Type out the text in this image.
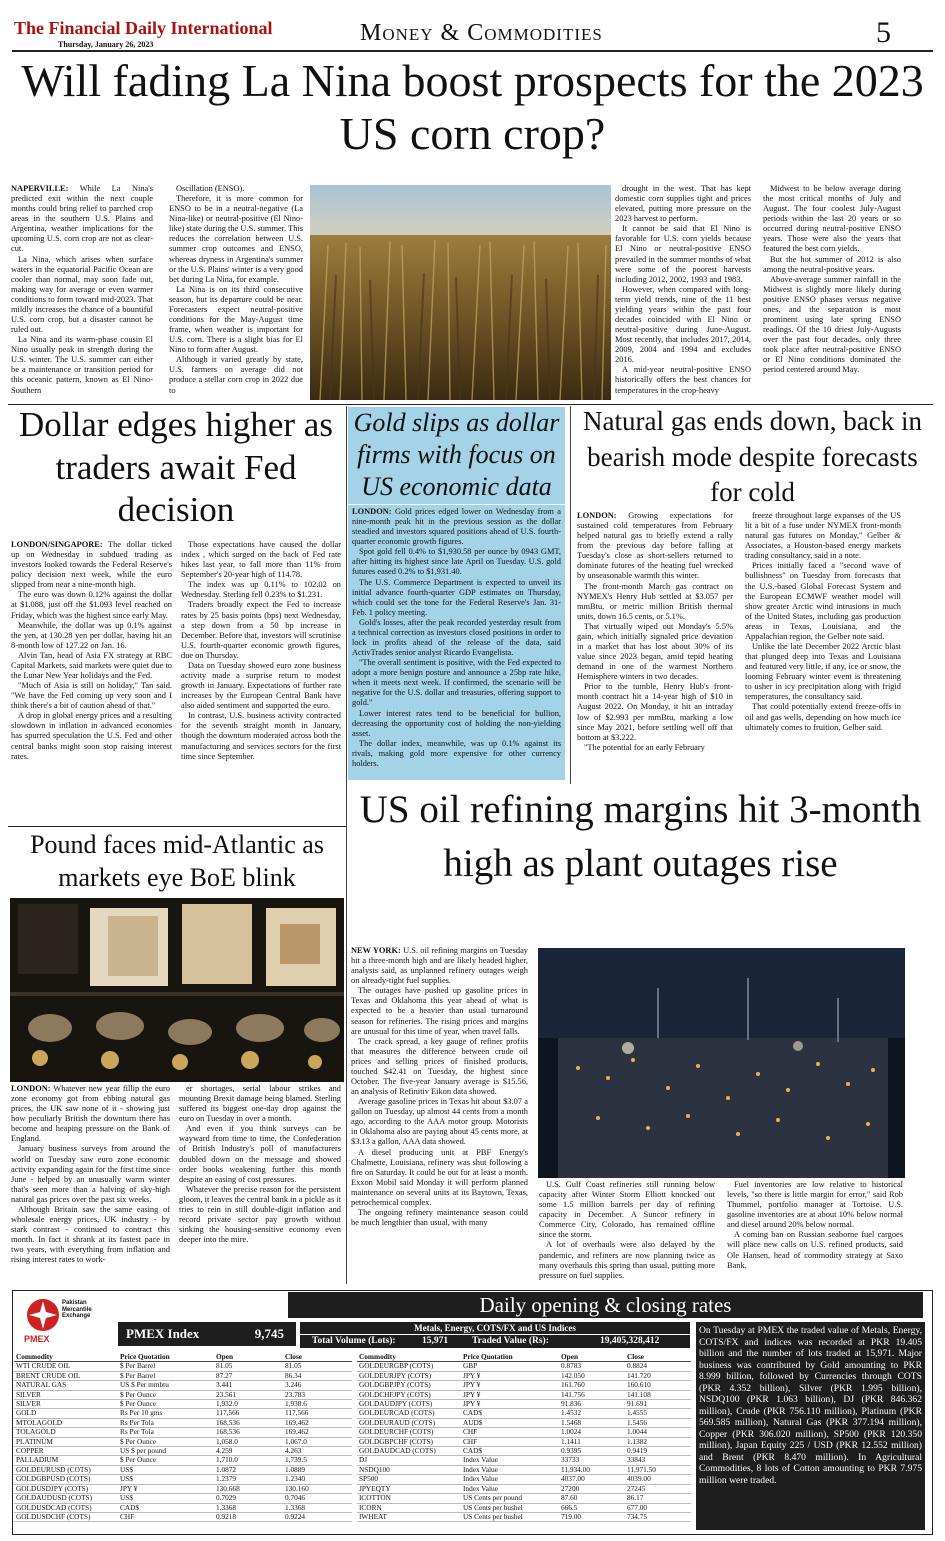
The Financial Daily International
Thursday, January 26, 2023	Money & Commodities	5
Will fading La Nina boost prospects for the 2023 US corn crop?

NAPERVILLE: While La Nina's predicted exit within the next couple months could bring relief to parched crop areas in the southern U.S. Plains and Argentina, weather implications for the upcoming U.S. corn crop are not as clear-cut.

La Nina, which arises when surface waters in the equatorial Pacific Ocean are cooler than normal, may soon fade out, making way for average or even warmer conditions to form toward mid-2023. That mildly increases the chance of a bountiful U.S. corn crop, but a disaster cannot be ruled out.

La Nina and its warm-phase cousin El Nino usually peak in strength during the U.S. winter. The U.S. summer can either be a maintenance or transition period for this oceanic pattern, known as El Nino-Southern

Oscillation (ENSO).

Therefore, it is more common for ENSO to be in a neutral-negative (La Nina-like) or neutral-positive (El Nino-like) state during the U.S. summer. This reduces the correlation between U.S. summer crop outcomes and ENSO, whereas dryness in Argentina's summer or the U.S. Plains' winter is a very good bet during La Nina, for example.

La Nina is on its third consecutive season, but its departure could be near. Forecasters expect neutral-positive conditions for the May-August time frame, when weather is important for U.S. corn. There is a slight bias for El Nino to form after August.

Although it varied greatly by state, U.S. farmers on average did not produce a stellar corn crop in 2022 due to

drought in the west. That has kept domestic corn supplies tight and prices elevated, putting more pressure on the 2023 harvest to perform.

It cannot be said that El Nino is favorable for U.S. corn yields because El Nino or neutral-positive ENSO prevailed in the summer months of what were some of the poorest harvests including 2012, 2002, 1993 and 1983.

However, when compared with long-term yield trends, nine of the 11 best yielding years within the past four decades coincided with El Nino or neutral-positive during June-August. Most recently, that includes 2017, 2014, 2009, 2004 and 1994 and excludes 2016.

A mid-year neutral-positive ENSO historically offers the best chances for temperatures in the crop-heavy

Midwest to be below average during the most critical months of July and August. The four coolest July-August periods within the last 20 years or so occurred during neutral-positive ENSO years. Those were also the years that featured the best corn yields.

But the hot summer of 2012 is also among the neutral-positive years.

Above-average summer rainfall in the Midwest is slightly more likely during positive ENSO phases versus negative ones, and the separation is most prominent using late spring ENSO readings. Of the 10 driest July-Augusts over the past four decades, only three took place after neutral-positive ENSO or El Nino conditions dominated the period centered around May.

Dollar edges higher as traders await Fed decision

LONDON/SINGAPORE: The dollar ticked up on Wednesday in subdued trading as investors looked towards the Federal Reserve's policy decision next week, while the euro slipped from near a nine-month high.

The euro was down 0.12% against the dollar at $1.088, just off the $1.093 level reached on Friday, which was the highest since early May.

Meanwhile, the dollar was up 0.1% against the yen, at 130.28 yen per dollar, having hit an 8-month low of 127.22 on Jan. 16.

Alvin Tan, head of Asia FX strategy at RBC Capital Markets, said markets were quiet due to the Lunar New Year holidays and the Fed.

"Much of Asia is still on holiday," Tan said. "We have the Fed coming up very soon and I think there's a bit of caution ahead of that."

A drop in global energy prices and a resulting slowdown in inflation in advanced economies has spurred speculation the U.S. Fed and other central banks might soon stop raising interest rates.

Those expectations have caused the dollar index , which surged on the back of Fed rate hikes last year, to fall more than 11% from September's 20-year high of 114.78.

The index was up 0.11% to 102.02 on Wednesday. Sterling fell 0.23% to $1.231.

Traders broadly expect the Fed to increase rates by 25 basis points (bps) next Wednesday, a step down from a 50 bp increase in December. Before that, investors will scrutinise U.S. fourth-quarter economic growth figures, due on Thursday.

Data on Tuesday showed euro zone business activity made a surprise return to modest growth in January. Expectations of further rate increases by the European Central Bank have also aided sentiment and supported the euro.

In contrast, U.S. business activity contracted for the seventh straight month in January, though the downturn moderated across both the manufacturing and services sectors for the first time since September.

Gold slips as dollar firms with focus on US economic data

LONDON: Gold prices edged lower on Wednesday from a nine-month peak hit in the previous session as the dollar steadied and investors squared positions ahead of U.S. fourth-quarter economic growth figures.

Spot gold fell 0.4% to $1,930.58 per ounce by 0943 GMT, after hitting its highest since late April on Tuesday. U.S. gold futures eased 0.2% to $1,931.40.

The U.S. Commerce Department is expected to unveil its initial advance fourth-quarter GDP estimates on Thursday, which could set the tone for the Federal Reserve's Jan. 31-Feb. 1 policy meeting.

Gold's losses, after the peak recorded yesterday result from a technical correction as investors closed positions in order to lock in profits ahead of the release of the data, said ActivTrades senior analyst Ricardo Evangelista.

"The overall sentiment is positive, with the Fed expected to adopt a more benign posture and announce a 25bp rate hike, when it meets next week. If confirmed, the scenario will be negative for the U.S. dollar and treasuries, offering support to gold."

Lower interest rates tend to be beneficial for bullion, decreasing the opportunity cost of holding the non-yielding asset.

The dollar index, meanwhile, was up 0.1% against its rivals, making gold more expensive for other currency holders.

Natural gas ends down, back in bearish mode despite forecasts for cold

LONDON: Growing expectations for sustained cold temperatures from February helped natural gas to briefly extend a rally from the previous day before falling at Tuesday's close as short-sellers returned to dominate futures of the heating fuel wrecked by unseasonable warmth this winter.

The front-month March gas contract on NYMEX's Henry Hub settled at $3.057 per mmBtu, or metric million British thermal units, down 16.5 cents, or 5.1%.

That virtually wiped out Monday's 5.5% gain, which initially signaled price deviation in a market that has lost about 30% of its value since 2023 began, amid tepid heating demand in one of the warmest Northern Hemisphere winters in two decades.

Prior to the tumble, Henry Hub's front-month contract hit a 14-year high of $10 in August 2022. On Monday, it hit an intraday low of $2.993 per mmBtu, marking a low since May 2021, before settling well off that bottom at $3.222.

"The potential for an early February

freeze throughout large expanses of the US lit a bit of a fuse under NYMEX front-month natural gas futures on Monday," Gelber & Associates, a Houston-based energy markets trading consultancy, said in a note.

Prices initially faced a "second wave of bullishness" on Tuesday from forecasts that the U.S.-based Global Forecast System and the European ECMWF weather model will show greater Arctic wind intrusions in much of the United States, including gas production areas in Texas, Louisiana, and the Appalachian region, the Gelber note said.

Unlike the late December 2022 Arctic blast that plunged deep into Texas and Louisiana and featured very little, if any, ice or snow, the looming February winter event is threatening to usher in icy precipitation along with frigid temperatures, the consultancy said.

That could potentially extend freeze-offs in oil and gas wells, depending on how much ice ultimately comes to fruition, Gelber said.

Pound faces mid-Atlantic as markets eye BoE blink

LONDON: Whatever new year fillip the euro zone economy got from ebbing natural gas prices, the UK saw none of it - showing just how peculiarly British the downturn there has become and heaping pressure on the Bank of England.

January business surveys from around the world on Tuesday saw euro zone economic activity expanding again for the first time since June - helped by an unusually warm winter that's seen more than a halving of sky-high natural gas prices over the past six weeks.

Although Britain saw the same easing of wholesale energy prices, UK industry - by stark contrast - continued to contract this month. In fact it shrank at its fastest pace in two years, with everything from inflation and rising interest rates to work-

er shortages, serial labour strikes and mounting Brexit damage being blamed. Sterling suffered its biggest one-day drop against the euro on Tuesday in over a month.

And even if you think surveys can be wayward from time to time, the Confederation of British Industry's poll of manufacturers doubled down on the message and showed order books weakening further this month despite an easing of cost pressures.

Whatever the precise reason for the persistent gloom, it leaves the central bank in a pickle as it tries to rein in still double-digit inflation and record private sector pay growth without sinking the housing-sensitive economy even deeper into the mire.

US oil refining margins hit 3-month high as plant outages rise

NEW YORK: U.S. oil refining margins on Tuesday hit a three-month high and are likely headed higher, analysts said, as unplanned refinery outages weigh on already-tight fuel supplies.

The outages have pushed up gasoline prices in Texas and Oklahoma this year ahead of what is expected to be a heavier than usual turnaround season for refineries. The rising prices and margins are unusual for this time of year, when travel falls.

The crack spread, a key gauge of refiner profits that measures the difference between crude oil prices and selling prices of finished products, touched $42.41 on Tuesday, the highest since October. The five-year January average is $15.56, an analysis of Refinitiv Eikon data showed.

Average gasoline prices in Texas hit about $3.07 a gallon on Tuesday, up almost 44 cents from a month ago, according to the AAA motor group. Motorists in Oklahoma also are paying about 45 cents more, at $3.13 a gallon, AAA data showed.

A diesel producing unit at PBF Energy's Chalmette, Louisiana, refinery was shut following a fire on Saturday. It could be out for at least a month. Exxon Mobil said Monday it will perform planned maintenance on several units at its Baytown, Texas, petrochemical complex.

The ongoing refinery maintenance season could be much lengthier than usual, with many

U.S. Gulf Coast refineries still running below capacity after Winter Storm Elliott knocked out some 1.5 million barrels per day of refining capacity in December. A Suncor refinery in Commerce City, Colorado, has remained offline since the storm.

A lot of overhauls were also delayed by the pandemic, and refiners are now planning twice as many overhauls this spring than usual, putting more pressure on fuel supplies.

Fuel inventories are low relative to historical levels, "so there is little margin for error," said Rob Thummel, portfolio manager at Tortoise. U.S. gasoline inventories are at about 10% below normal and diesel around 20% below normal.

A coming ban on Russian seaborne fuel cargoes will place new calls on U.S. refined products, said Ole Hansen, head of commodity strategy at Saxo Bank.

Pakistan Mercantile Exchange
PMEX
Daily opening & closing rates
PMEX Index	9,745	Metals, Energy, COTS/FX and US Indices
Total Volume (Lots):	15,971	Traded Value (Rs):	19,405,328,412
Commodity	Price Quotation	Open	Close
WTI CRUDE OIL	$ Per Barrel	81.05	81.05
BRENT CRUDE OIL	$ Per Barrel	87.27	86.34
NATURAL GAS	US $ Per mmbtu	3.441	3.246
SILVER	$ Per Ounce	23.561	23.783
SILVER	$ Per Ounce	1,932.0	1,938.6
GOLD	Rs Per 10 gms	117,566	117,566
MTOLAGOLD	Rs Per Tola	168,536	169,462
TOLAGOLD	Rs Per Tola	168,536	169,462
PLATINUM	$ Per Ounce	1,058.0	1,067.0
COPPER	US $ per pound	4.259	4.263
PALLADIUM	$ Per Ounce	1,710.0	1,739.5
GOLDEURUSD (COTS)	US$	1.0872	1.0889
GOLDGBPUSD (COTS)	US$	1.2379	1.2340
GOLDUSDJPY (COTS)	JPY ¥	130.668	130.160
GOLDAUDUSD (COTS)	US$	0.7029	0.7046
GOLDUSDCAD (COTS)	CAD$	1.3368	1.3368
GOLDUSDCHF (COTS)	CHF	0.9218	0.9224
Commodity	Price Quotation	Open	Close
GOLDEURGBP (COTS)	GBP	0.8783	0.8824
GOLDEURJPY (COTS)	JPY ¥	142.050	141.720
GOLDGBPJPY (COTS)	JPY ¥	161.760	160.610
GOLDCHFJPY (COTS)	JPY ¥	141.756	141.108
GOLDAUDJPY (COTS)	JPY ¥	91.836	91.691
GOLDEURCAD (COTS)	CAD$	1.4532	1.4555
GOLDEURAUD (COTS)	AUD$	1.5468	1.5456
GOLDEURCHF (COTS)	CHF	1.0024	1.0044
GOLDGBPCHF (COTS)	CHF	1.1411	1.1382
GOLDAUDCAD (COTS)	CAD$	0.9395	0.9419
DJ	Index Value	33733	33843
NSDQ100	Index Value	11,934.00	11,971.50
SP500	Index Value	4037.00	4039.00
JPYEQTY	Index Value	27200	27245
ICOTTON	US Cents per pound	87.60	86.17
ICORN	US Cents per bushel	666.5	677.00
IWHEAT	US Cents per bushel	719.00	734.75
On Tuesday at PMEX the traded value of Metals, Energy, COTS/FX and indices was recorded at PKR 19.405 billion and the number of lots traded at 15,971. Major business was contributed by Gold amounting to PKR 8.999 billion, followed by Currencies through COTS (PKR 4.352 billion), Silver (PKR 1.995 billion), NSDQ100 (PKR 1.063 billion), DJ (PKR 846.362 million), Crude (PKR 756.110 million), Platinum (PKR 569.585 million), Natural Gas (PKR 377.194 million), Copper (PKR 306.020 million), SP500 (PKR 120.350 million), Japan Equity 225 / USD (PKR 12.552 million) and Brent (PKR 8.470 million). In Agricultural Commodities, 8 lots of Cotton amounting to PKR 7.975 million were traded.
